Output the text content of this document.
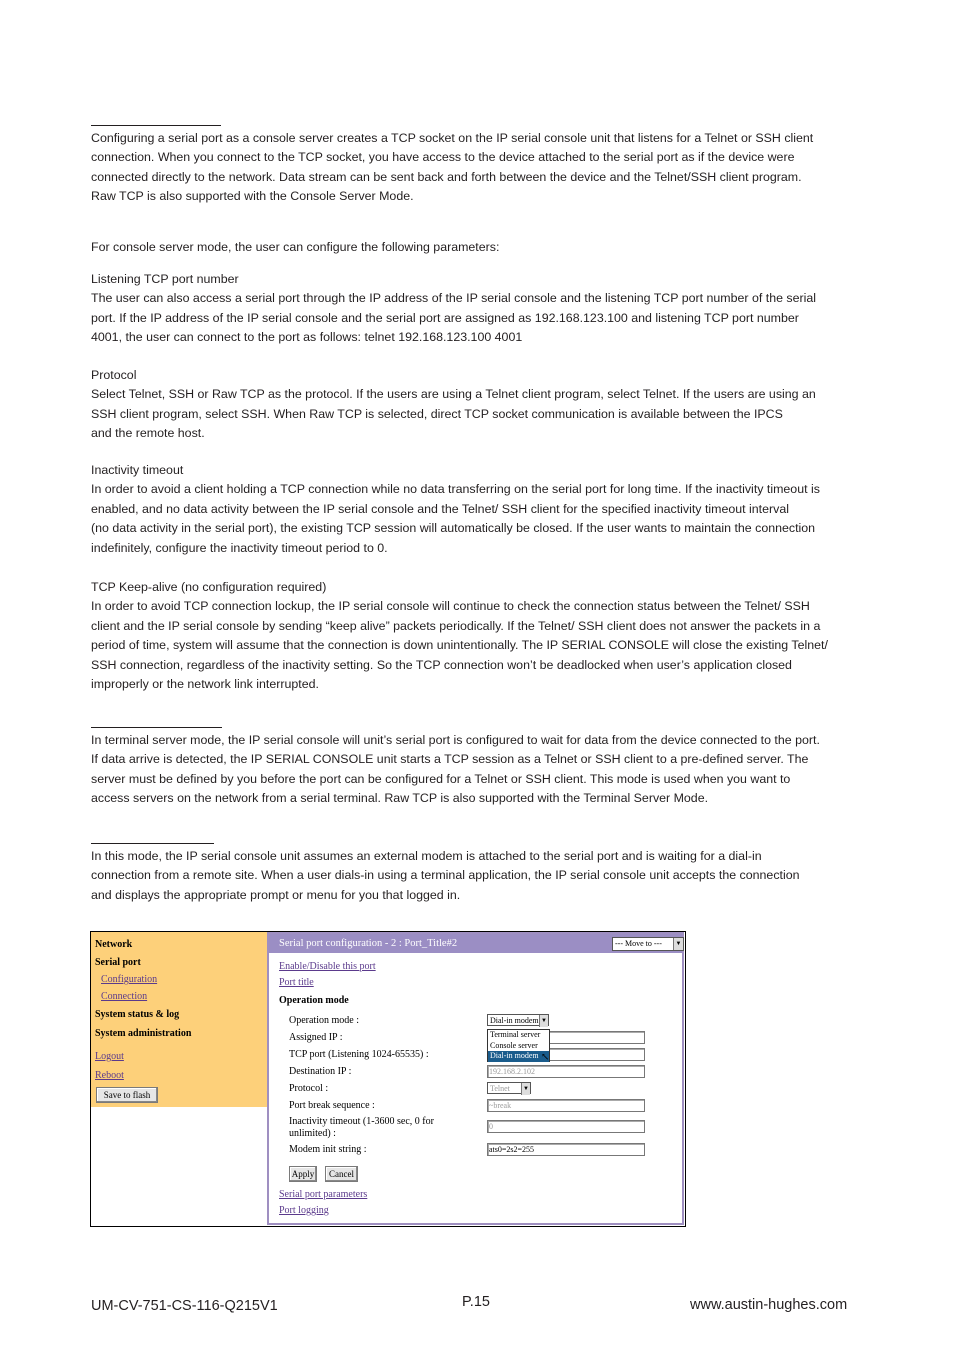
Configuring a serial port as a console server creates a TCP socket on the IP serial console unit that listens for a Telnet or SSH client
connection. When you connect to the TCP socket, you have access to the device attached to the serial port as if the device were
connected directly to the network. Data stream can be sent back and forth between the device and the Telnet/SSH client program.
Raw TCP is also supported with the Console Server Mode.

For console server mode, the user can configure the following parameters:

Listening TCP port number
The user can also access a serial port through the IP address of the IP serial console and the listening TCP port number of the serial
port. If the IP address of the IP serial console and the serial port are assigned as 192.168.123.100 and listening TCP port number
4001, the user can connect to the port as follows: telnet 192.168.123.100 4001

Protocol
Select Telnet, SSH or Raw TCP as the protocol. If the users are using a Telnet client program, select Telnet. If the users are using an
SSH client program, select SSH. When Raw TCP is selected, direct TCP socket communication is available between the IPCS
and the remote host.

Inactivity timeout
In order to avoid a client holding a TCP connection while no data transferring on the serial port for long time. If the inactivity timeout is
enabled, and no data activity between the IP serial console and the Telnet/ SSH client for the specified inactivity timeout interval
(no data activity in the serial port), the existing TCP session will automatically be closed. If the user wants to maintain the connection
indefinitely, configure the inactivity timeout period to 0.

TCP Keep-alive (no configuration required)
In order to avoid TCP connection lockup, the IP serial console will continue to check the connection status between the Telnet/ SSH
client and the IP serial console by sending “keep alive” packets periodically. If the Telnet/ SSH client does not answer the packets in a
period of time, system will assume that the connection is down unintentionally. The IP SERIAL CONSOLE will close the existing Telnet/
SSH connection, regardless of the inactivity setting. So the TCP connection won’t be deadlocked when user’s application closed
improperly or the network link interrupted.

In terminal server mode, the IP serial console will unit’s serial port is configured to wait for data from the device connected to the port.
If data arrive is detected, the IP SERIAL CONSOLE unit starts a TCP session as a Telnet or SSH client to a pre-defined server. The
server must be defined by you before the port can be configured for a Telnet or SSH client. This mode is used when you want to
access servers on the network from a serial terminal. Raw TCP is also supported with the Terminal Server Mode.

In this mode, the IP serial console unit assumes an external modem is attached to the serial port and is waiting for a dial-in
connection from a remote site. When a user dials-in using a terminal application, the IP serial console unit accepts the connection
and displays the appropriate prompt or menu for you that logged in.

Network
Serial port
Configuration
Connection
System status & log
System administration
Logout
Reboot
Save to flash
Serial port configuration - 2 : Port_Title#2	--- Move to ---	▼
Enable/Disable this port
Port title
Operation mode
Operation mode :	Dial-in modem ▼
Assigned IP :
TCP port (Listening 1024-65535) :
Terminal server
Console server
Dial-in modem ↖
Destination IP :	192.168.2.102
Protocol :	Telnet	▼
Port break sequence :	~break
Inactivity timeout (1-3600 sec, 0 for
unlimited) :
0
Modem init string :	ats0=2s2=255
Apply	Cancel
Serial port parameters
Port logging
UM-CV-751-CS-116-Q215V1	P.15	www.austin-hughes.com
